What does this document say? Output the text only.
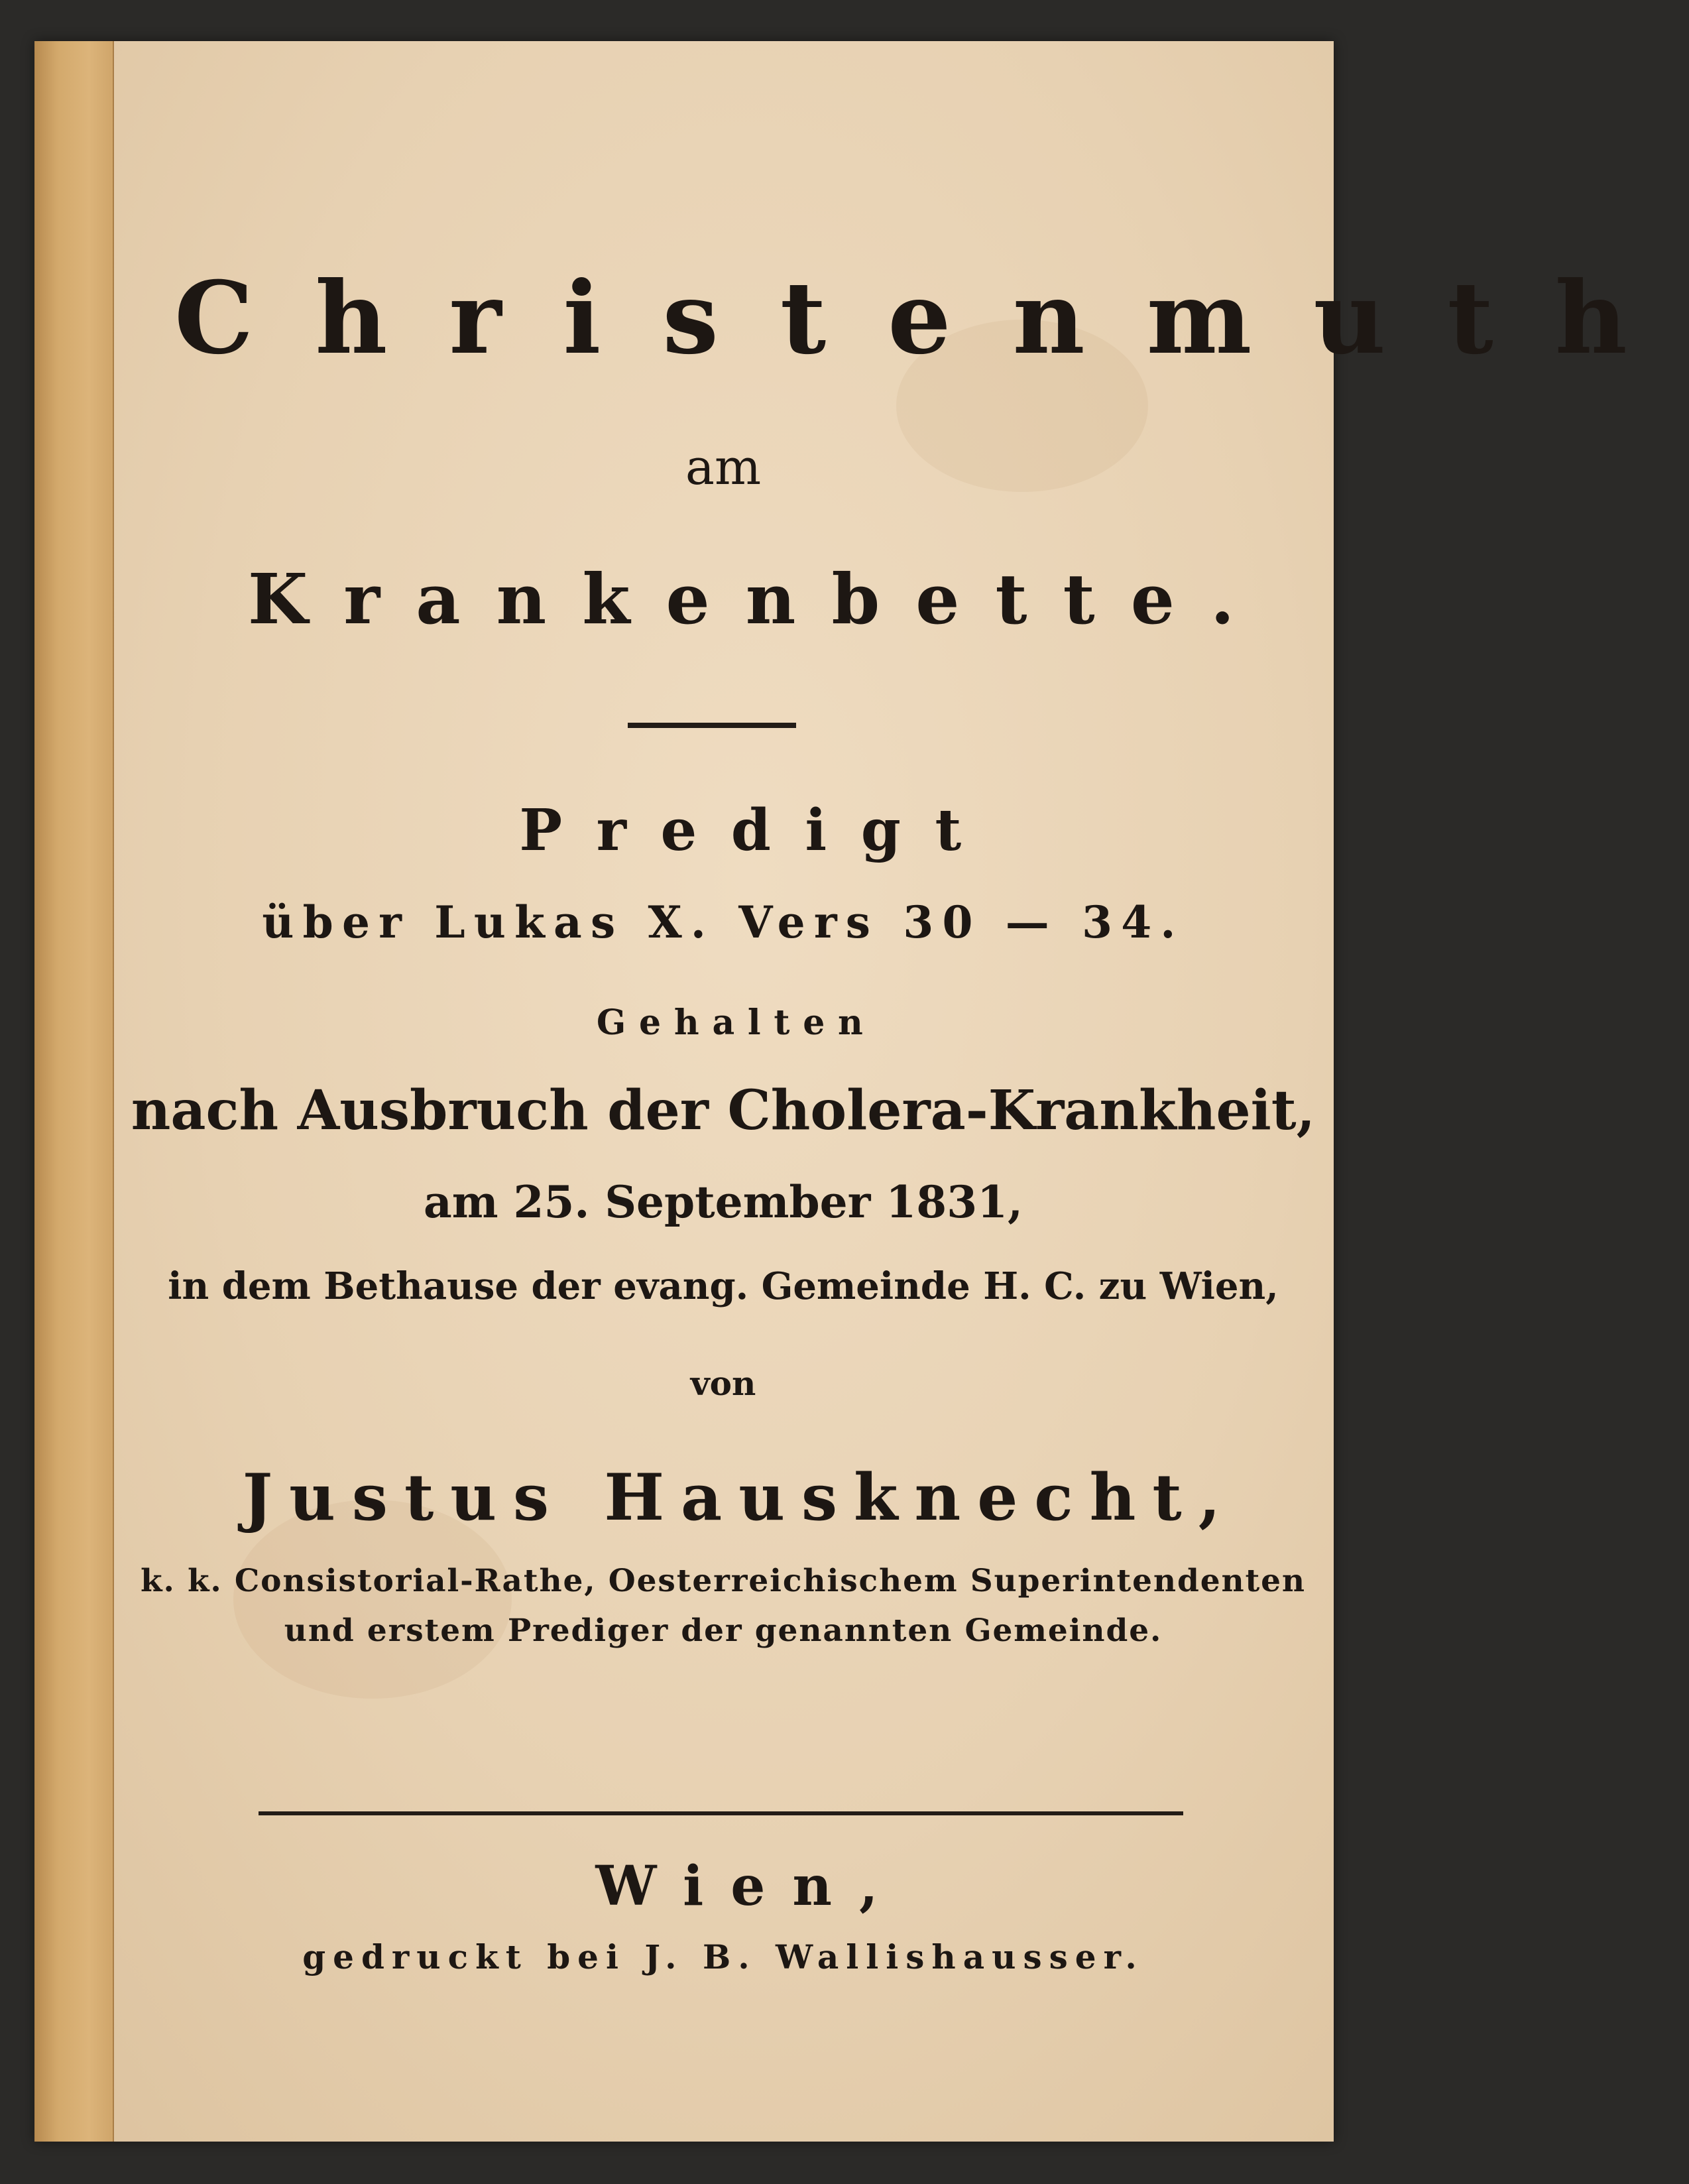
Christenmuth
am
Krankenbette.
Predigt
über Lukas X. Vers 30 — 34.
Gehalten
nach Ausbruch der Cholera-Krankheit,
am 25. September 1831,
in dem Bethause der evang. Gemeinde H. C. zu Wien,
von
Justus Hausknecht,
k. k. Consistorial-Rathe, Oesterreichischem Superintendenten
und erstem Prediger der genannten Gemeinde.
Wien,
gedruckt bei J. B. Wallishausser.
